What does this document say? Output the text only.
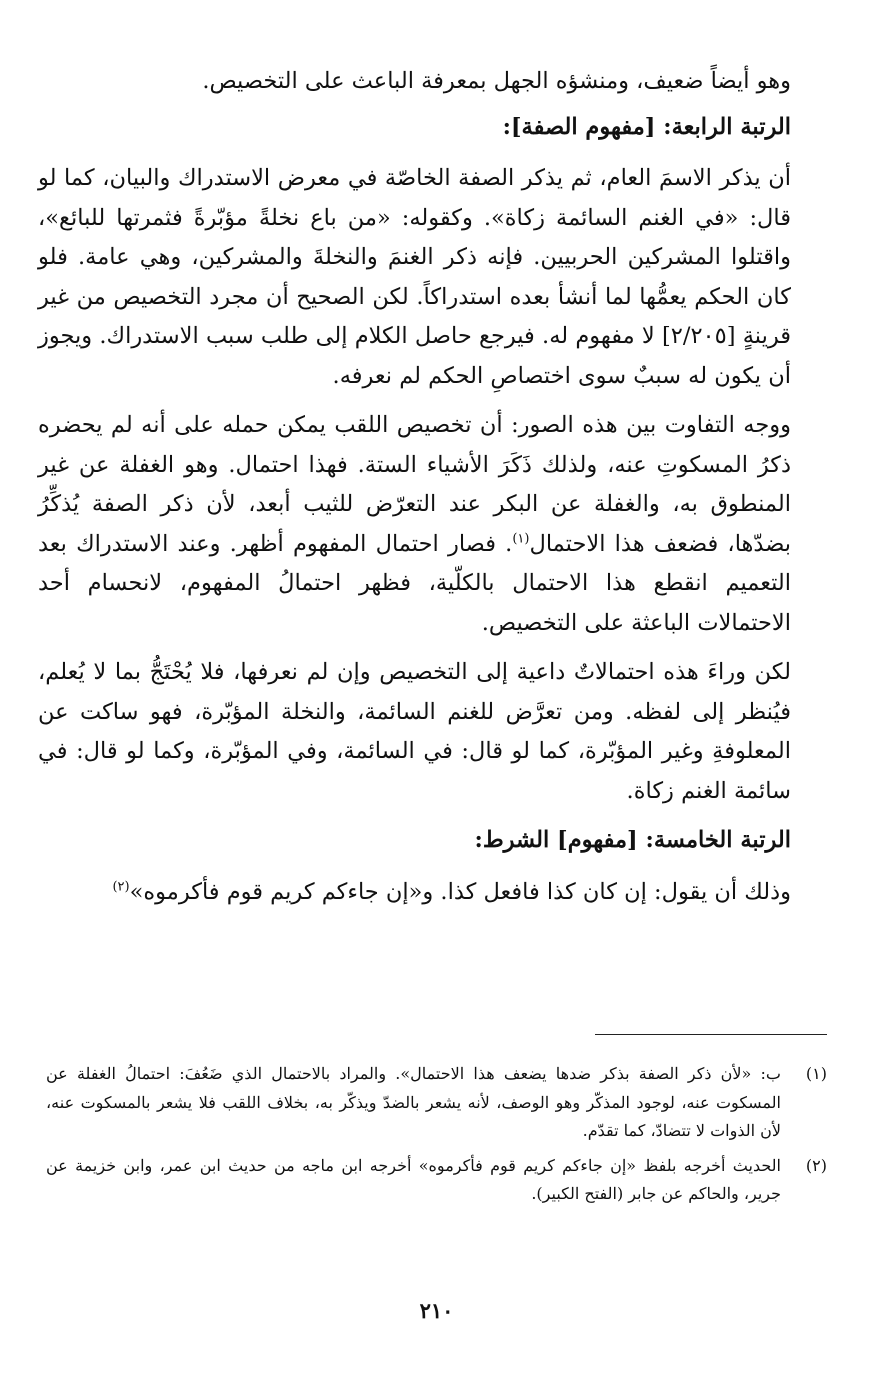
وهو أيضاً ضعيف، ومنشؤه الجهل بمعرفة الباعث على التخصيص.

الرتبة الرابعة: [مفهوم الصفة]:

أن يذكر الاسمَ العام، ثم يذكر الصفة الخاصّة في معرض الاستدراك والبيان، كما لو قال: «في الغنم السائمة زكاة». وكقوله: «من باع نخلةً مؤبّرةً فثمرتها للبائع»، واقتلوا المشركين الحربيين. فإنه ذكر الغنمَ والنخلةَ والمشركين، وهي عامة. فلو كان الحكم يعمُّها لما أنشأ بعده استدراكاً. لكن الصحيح أن مجرد التخصيص من غير قرينةٍ [٢/٢٠٥] لا مفهوم له. فيرجع حاصل الكلام إلى طلب سبب الاستدراك. ويجوز أن يكون له سببٌ سوى اختصاصِ الحكم لم نعرفه.

ووجه التفاوت بين هذه الصور: أن تخصيص اللقب يمكن حمله على أنه لم يحضره ذكرُ المسكوتِ عنه، ولذلك ذَكَرَ الأشياء الستة. فهذا احتمال. وهو الغفلة عن غير المنطوق به، والغفلة عن البكر عند التعرّض للثيب أبعد، لأن ذكر الصفة يُذكِّرُ بضدّها، فضعف هذا الاحتمال$^{(١)}$. فصار احتمال المفهوم أظهر. وعند الاستدراك بعد التعميم انقطع هذا الاحتمال بالكلّية، فظهر احتمالُ المفهوم، لانحسام أحد الاحتمالات الباعثة على التخصيص.

لكن وراءَ هذه احتمالاتٌ داعية إلى التخصيص وإن لم نعرفها، فلا يُحْتَجُّ بما لا يُعلم، فيُنظر إلى لفظه. ومن تعرَّض للغنم السائمة، والنخلة المؤبّرة، فهو ساكت عن المعلوفةِ وغير المؤبّرة، كما لو قال: في السائمة، وفي المؤبّرة، وكما لو قال: في سائمة الغنم زكاة.

الرتبة الخامسة: [مفهوم] الشرط:

وذلك أن يقول: إن كان كذا فافعل كذا. و«إن جاءكم كريم قوم فأكرموه»$^{(٢)}$

(١)
ب: «لأن ذكر الصفة بذكر ضدها يضعف هذا الاحتمال». والمراد بالاحتمال الذي ضَعُفَ: احتمالُ الغفلة عن المسكوت عنه، لوجود المذكّر وهو الوصف، لأنه يشعر بالضدّ ويذكّر به، بخلاف اللقب فلا يشعر بالمسكوت عنه، لأن الذوات لا تتضادّ، كما تقدّم.
(٢)
الحديث أخرجه بلفظ «إن جاءكم كريم قوم فأكرموه» أخرجه ابن ماجه من حديث ابن عمر، وابن خزيمة عن جرير، والحاكم عن جابر (الفتح الكبير).
٢١٠
